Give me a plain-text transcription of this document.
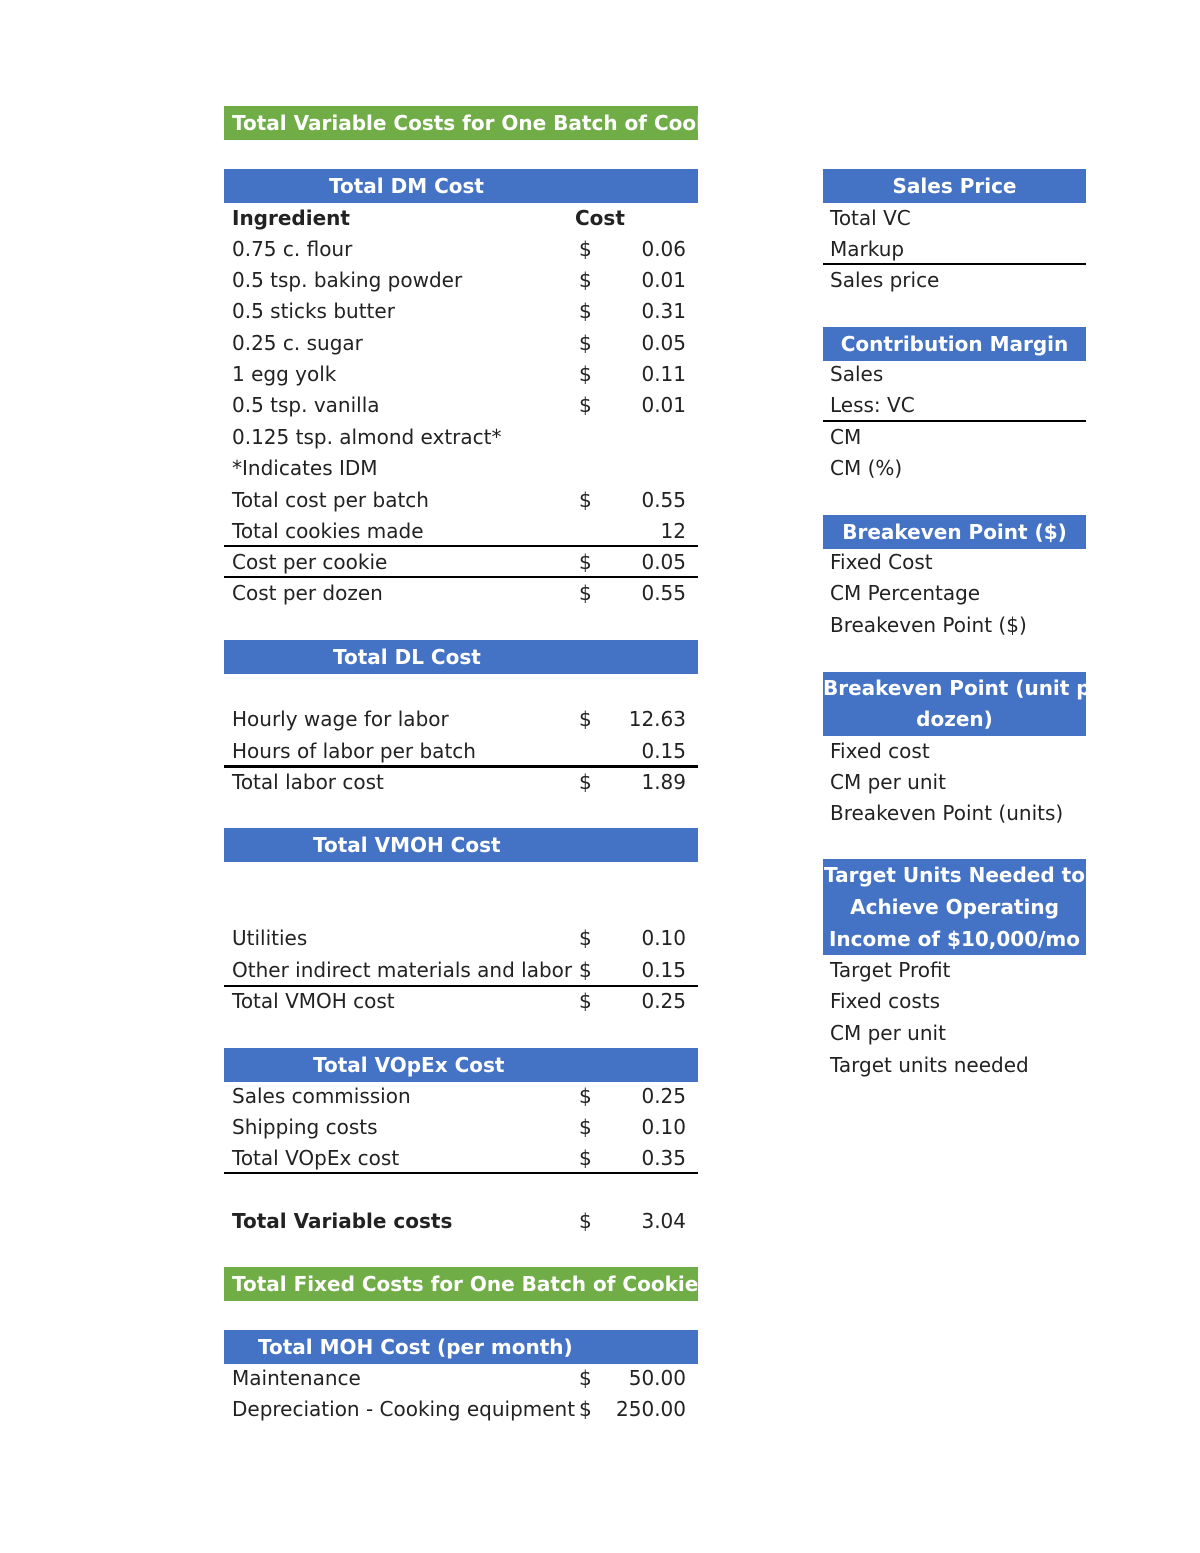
Total Variable Costs for One Batch of Cookies
Total DM Cost
Ingredient	Cost
0.75 c. flour	$ 0.06
0.5 tsp. baking powder	$ 0.01
0.5 sticks butter	$ 0.31
0.25 c. sugar	$ 0.05
1 egg yolk	$ 0.11
0.5 tsp. vanilla	$ 0.01
0.125 tsp. almond extract*
*Indicates IDM
Total cost per batch	$ 0.55
Total cookies made	12
Cost per cookie	$ 0.05
Cost per dozen	$ 0.55
Total DL Cost
Hourly wage for labor	$ 12.63
Hours of labor per batch	0.15
Total labor cost	$ 1.89
Total VMOH Cost
Utilities	$ 0.10
Other indirect materials and labor $ 0.15
Total VMOH cost	$ 0.25
Total VOpEx Cost
Sales commission	$ 0.25
Shipping costs	$ 0.10
Total VOpEx cost	$ 0.35
Total Variable costs	$ 3.04
Total Fixed Costs for One Batch of Cookies
Total MOH Cost (per month)
Maintenance	$ 50.00
Depreciation - Cooking equipment $ 250.00
Sales Price
Total VC
Markup
Sales price
Contribution Margin
Sales
Less: VC
CM
CM (%)
Breakeven Point ($)
Fixed Cost
CM Percentage
Breakeven Point ($)
Breakeven Point (unit per
dozen)
Fixed cost
CM per unit
Breakeven Point (units)
Target Units Needed to
Achieve Operating
Income of $10,000/mo
Target Profit
Fixed costs
CM per unit
Target units needed
